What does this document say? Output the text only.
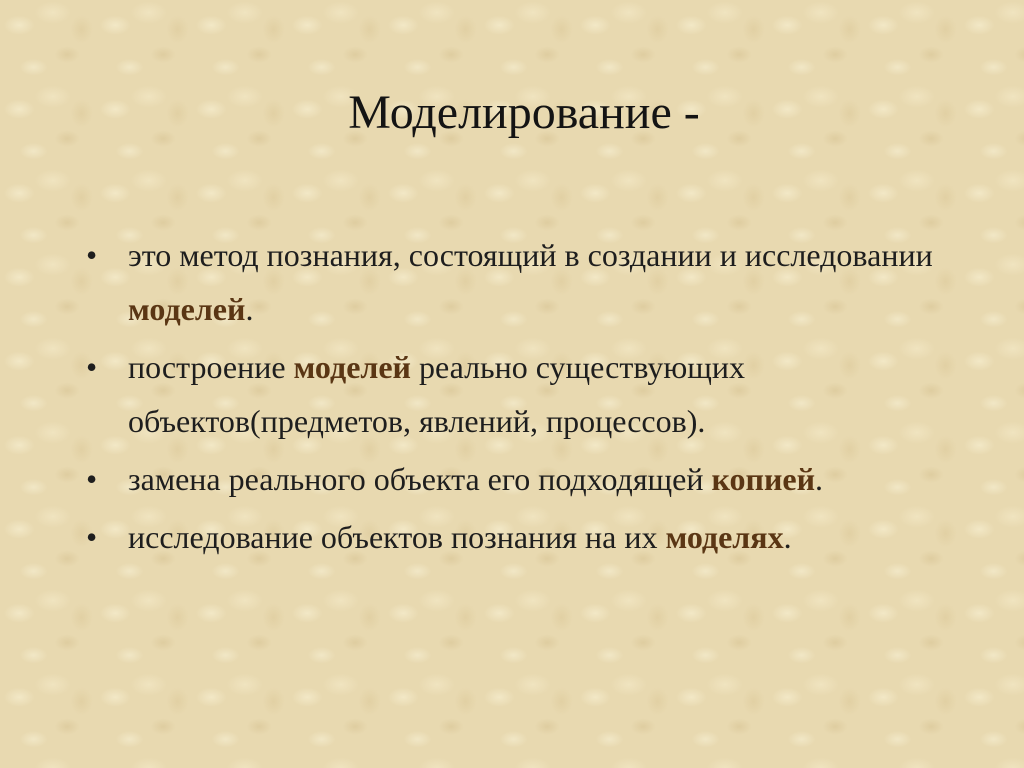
Моделирование -
• это метод познания, состоящий в создании и исследовании моделей.
• построение моделей реально существующих объектов(предметов, явлений, процессов).
• замена реального объекта его подходящей копией.
• исследование объектов познания на их моделях.
